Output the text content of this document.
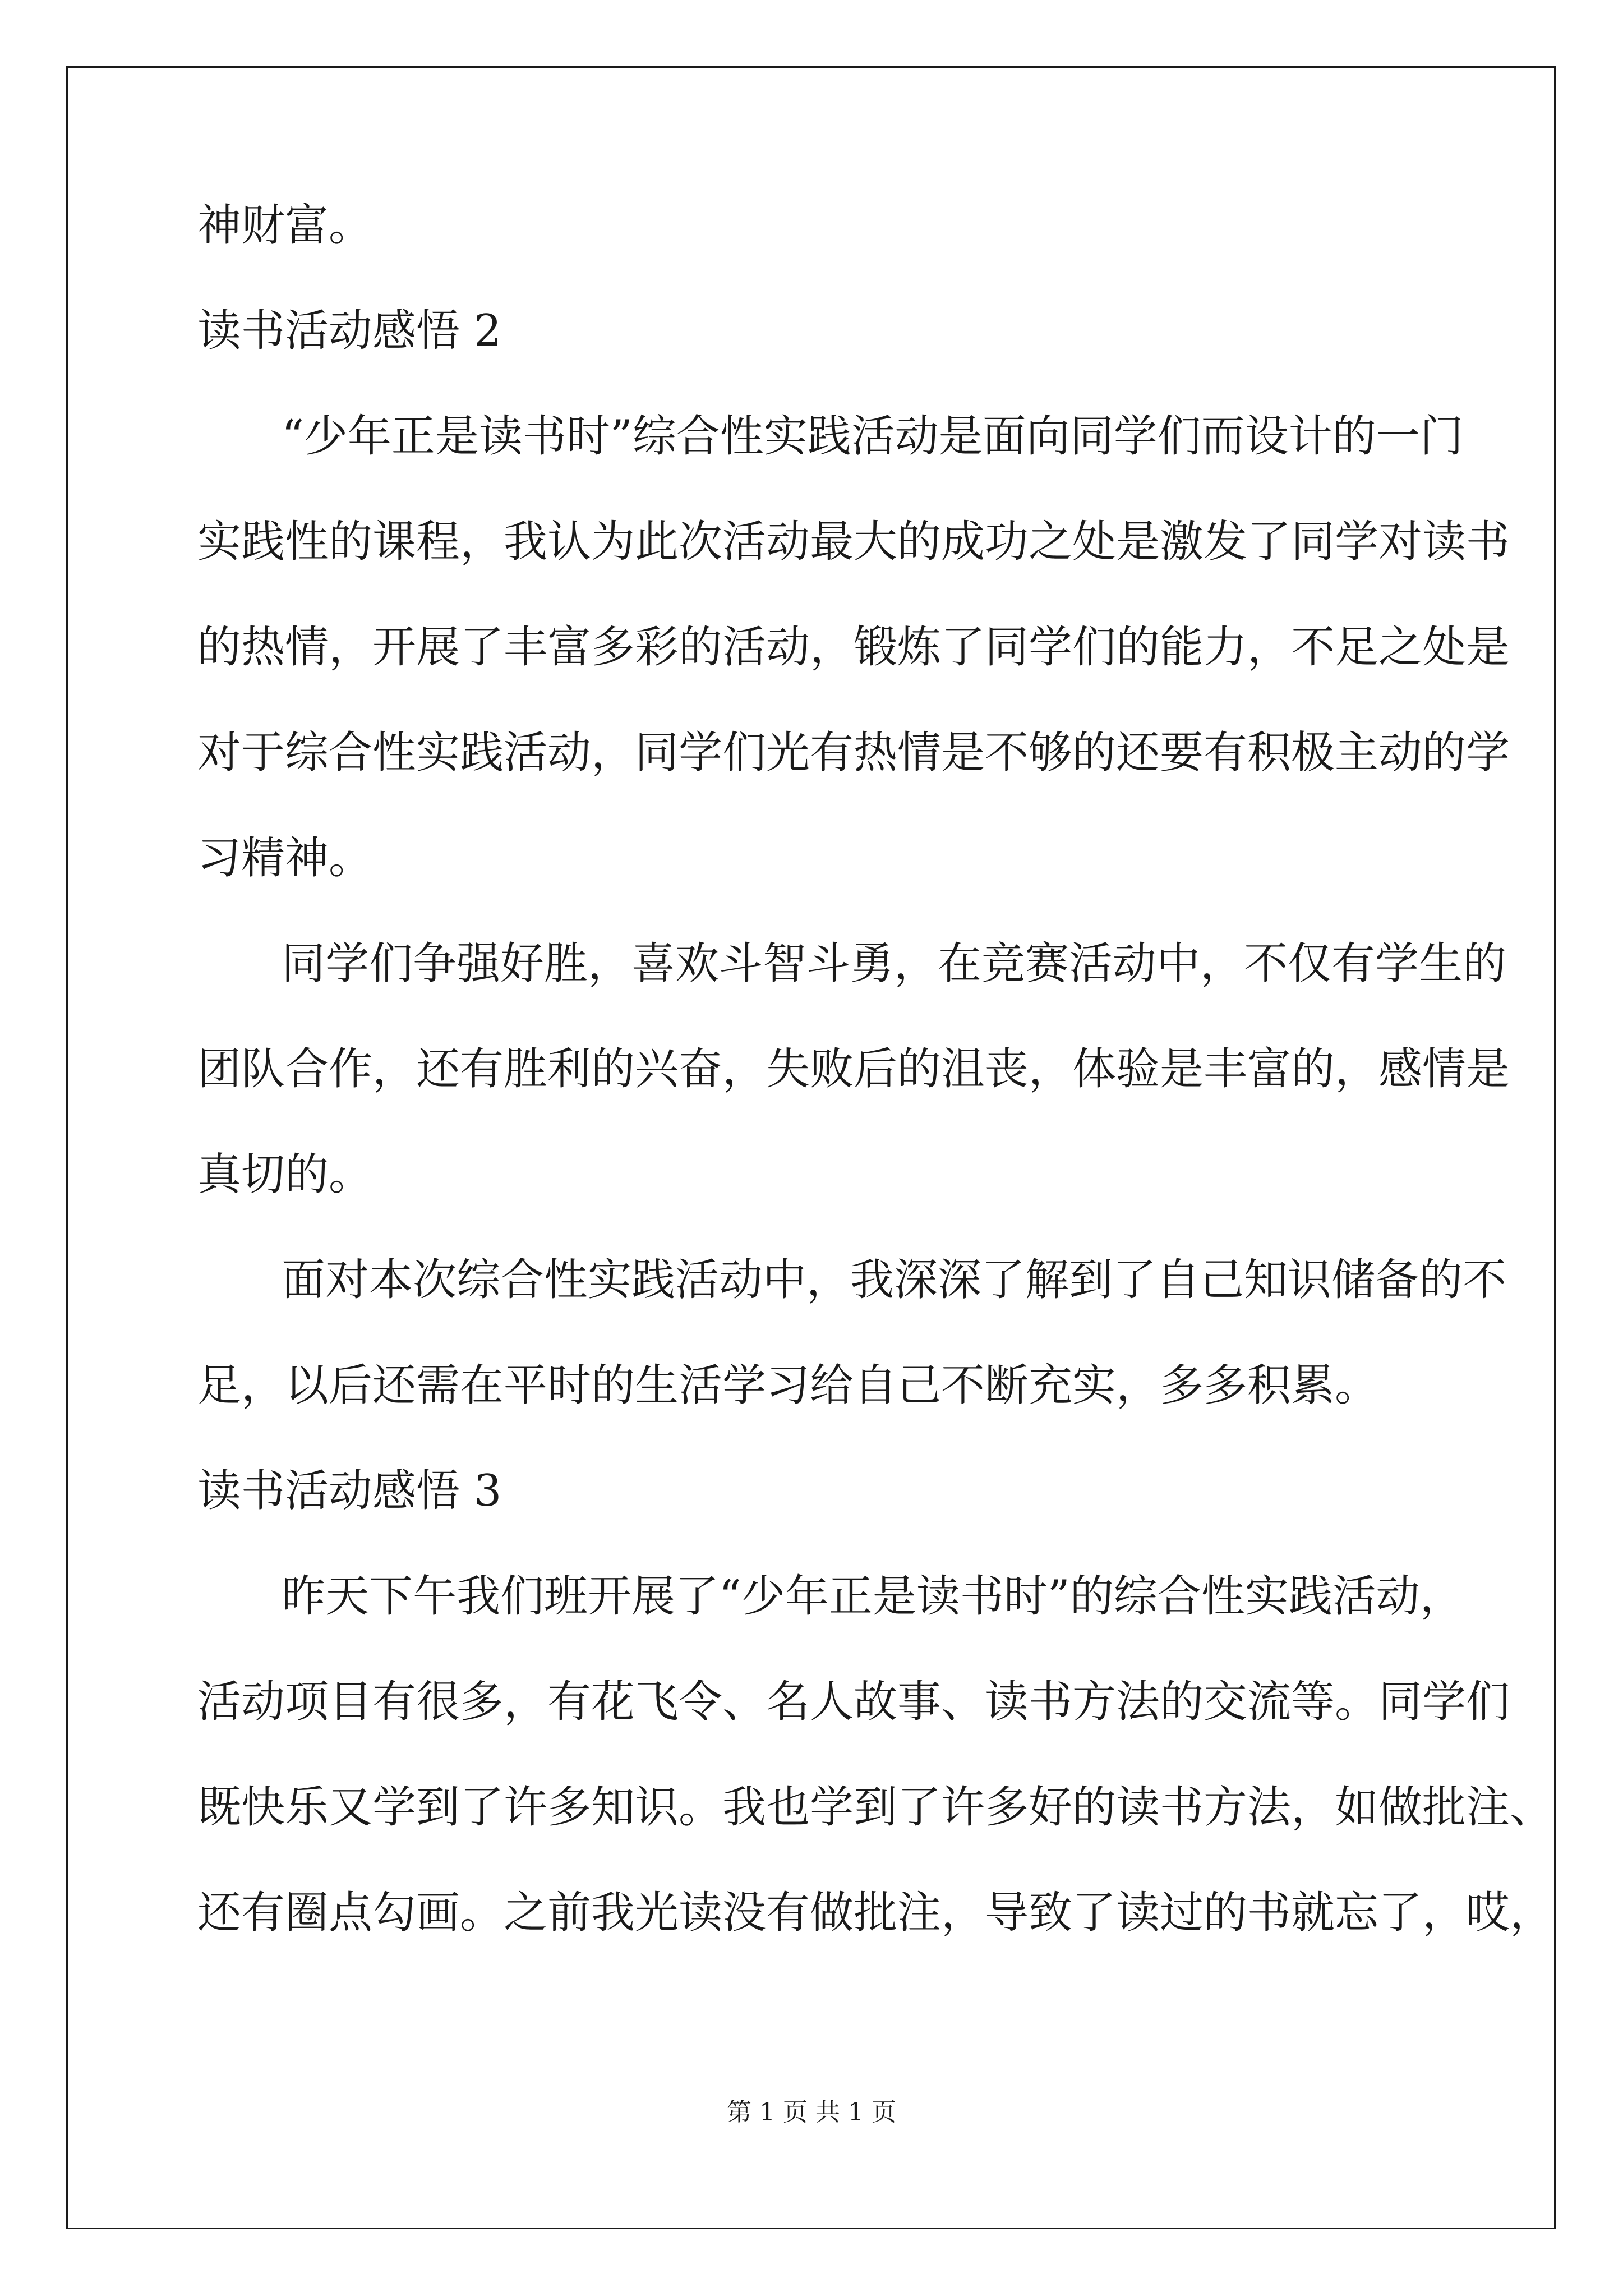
神财富。
读书活动感悟 2
“少年正是读书时”综合性实践活动是面向同学们而设计的一门
实践性的课程，我认为此次活动最大的成功之处是激发了同学对读书
的热情，开展了丰富多彩的活动，锻炼了同学们的能力，不足之处是
对于综合性实践活动，同学们光有热情是不够的还要有积极主动的学
习精神。
同学们争强好胜，喜欢斗智斗勇，在竞赛活动中，不仅有学生的
团队合作，还有胜利的兴奋，失败后的沮丧，体验是丰富的，感情是
真切的。
面对本次综合性实践活动中，我深深了解到了自己知识储备的不
足，以后还需在平时的生活学习给自己不断充实，多多积累。
读书活动感悟 3
昨天下午我们班开展了“少年正是读书时”的综合性实践活动，
活动项目有很多，有花飞令、名人故事、读书方法的交流等。同学们
既快乐又学到了许多知识。我也学到了许多好的读书方法，如做批注、
还有圈点勾画。之前我光读没有做批注，导致了读过的书就忘了，哎，
第 1 页 共 1 页
